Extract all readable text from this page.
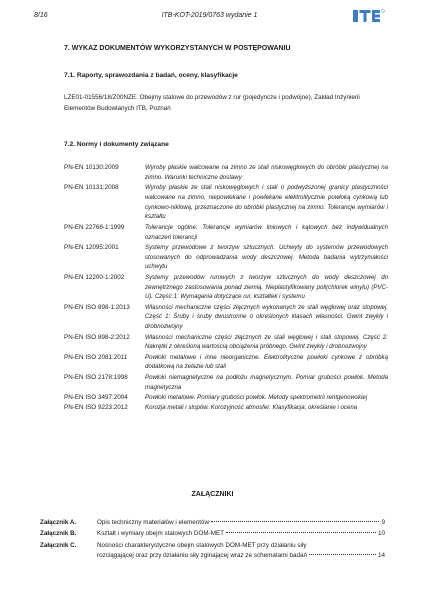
8/16	ITB-KOT-2019/0763 wydanie 1
7. WYKAZ DOKUMENTÓW WYKORZYSTANYCH W POSTĘPOWANIU
7.1. Raporty, sprawozdania z badań, oceny, klasyfikacje
LZE01-01556/18/Z00NZE. Obejmy stalowe do przewodów z rur (pojedyncze i podwójne), Zakład Inżynierii Elementów Budowlanych ITB, Poznań
7.2. Normy i dokumenty związane
PN-EN 10130:2009	Wyroby płaskie walcowane na zimno ze stali niskowęglowych do obróbki plastycznej na zimno. Warunki techniczne dostawy
PN-EN 10131:2008	Wyroby płaskie ze stali niskowęglowych i stali o podwyższonej granicy plastyczności walcowane na zimno, niepowlekane i powlekane elektrolitycznie powłoką cynkową lub cynkowo-niklową, przeznaczone do obróbki plastycznej na zimno. Tolerancje wymiarów i kształtu
PN-EN 22768-1:1999	Tolerancje ogólne. Tolerancje wymiarów liniowych i kątowych bez indywidualnych oznaczeń tolerancji
PN-EN 12095:2001	Systemy przewodowe z tworzyw sztucznych. Uchwyty do systemów przewodowych stosowanych do odprowadzania wody deszczowej. Metoda badania wytrzymałości uchwytu
PN-EN 12200-1:2002	Systemy przewodów rurowych z tworzyw sztucznych do wody deszczowej do zewnętrznego zastosowania ponad ziemią. Nieplastyfikowany poli(chlorek winylu) (PVC-U). Część 1: Wymagania dotyczące rur, kształtek i systemu
PN-EN ISO 898-1:2013	Własności mechaniczne części złącznych wykonanych ze stali węglowej oraz stopowej. Część 1: Śruby i śruby dwustronne o określonych klasach własności. Gwint zwykły i drobnozwojny
PN-EN ISO 898-2:2012	Własności mechaniczne części złącznych ze stali węglowej i stali stopowej. Część 2: Nakrętki z określoną wartością obciążenia próbnego. Gwint zwykły i drobnozwojny
PN-EN ISO 2081:2011	Powłoki metalowe i inne nieorganiczne. Elektrolityczne powłoki cynkowe z obróbką dodatkową na żelazie lub stali
PN-EN ISO 2178:1998	Powłoki niemagnetyczne na podłożu magnetycznym. Pomiar grubości powłok. Metoda magnetyczna
PN-EN ISO 3497:2004	Powłoki metalowe. Pomiary grubości powłok. Metody spektrometrii rentgenowskiej
PN-EN ISO 9223:2012	Korozja metali i stopów. Korozyjność atmosfer. Klasyfikacja, określanie i ocena
ZAŁĄCZNIKI
Załącznik A.	Opis techniczny materiałów i elementów	9
Załącznik B.	Kształt i wymiary obejm stalowych DOM-MET	10
Załącznik C.	Nośności charakterystyczne obejm stalowych DOM-MET przy działaniu siły
rozciągającej oraz przy działaniu siły zginającej wraz ze schematami badań	14
